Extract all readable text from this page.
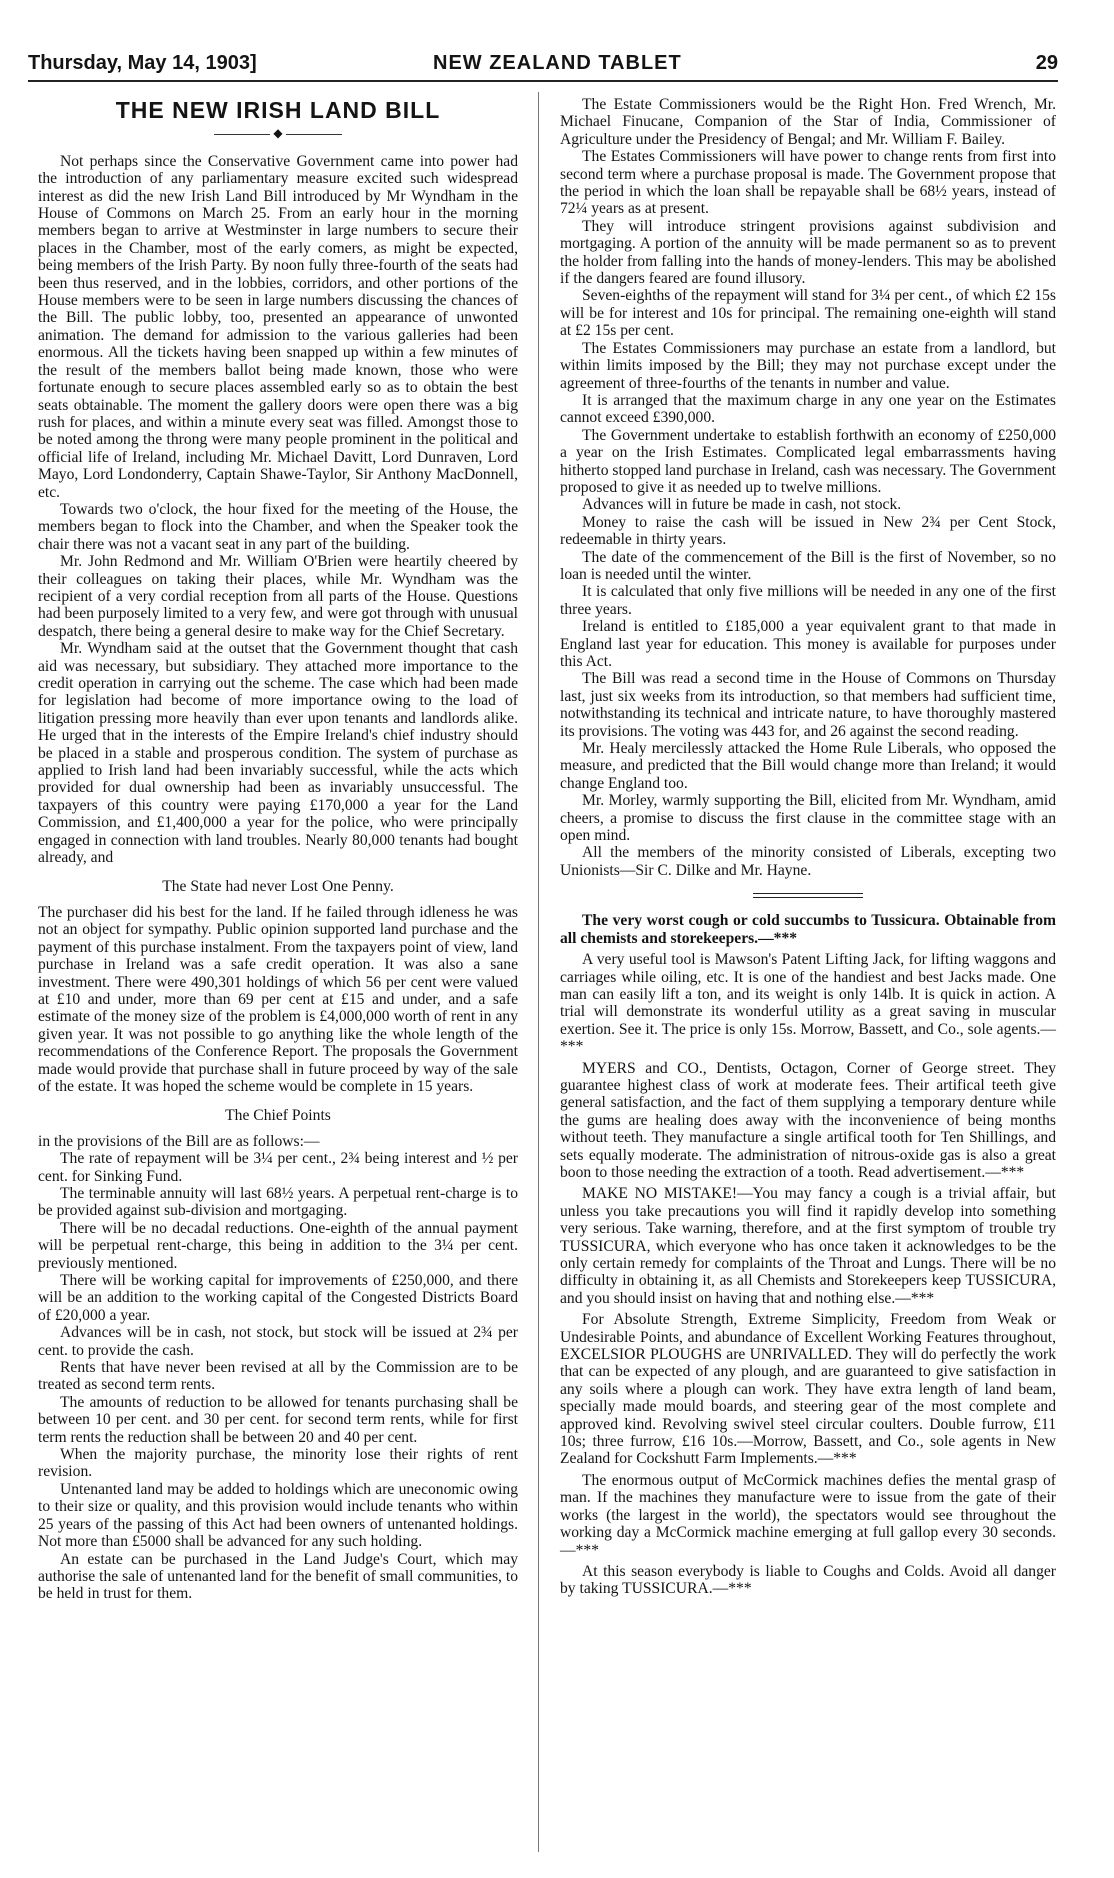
Thursday, May 14, 1903]	NEW ZEALAND TABLET	29
THE NEW IRISH LAND BILL
◆

Not perhaps since the Conservative Government came into power had the introduction of any parliamentary measure excited such widespread interest as did the new Irish Land Bill introduced by Mr Wyndham in the House of Commons on March 25. From an early hour in the morning members began to arrive at Westminster in large numbers to secure their places in the Chamber, most of the early comers, as might be expected, being members of the Irish Party. By noon fully three-fourth of the seats had been thus reserved, and in the lobbies, corridors, and other portions of the House members were to be seen in large numbers discussing the chances of the Bill. The public lobby, too, presented an appearance of unwonted animation. The demand for admission to the various galleries had been enormous. All the tickets having been snapped up within a few minutes of the result of the members ballot being made known, those who were fortunate enough to secure places assembled early so as to obtain the best seats obtainable. The moment the gallery doors were open there was a big rush for places, and within a minute every seat was filled. Amongst those to be noted among the throng were many people prominent in the political and official life of Ireland, including Mr. Michael Davitt, Lord Dunraven, Lord Mayo, Lord Londonderry, Captain Shawe-Taylor, Sir Anthony MacDonnell, etc.

Towards two o'clock, the hour fixed for the meeting of the House, the members began to flock into the Chamber, and when the Speaker took the chair there was not a vacant seat in any part of the building.

Mr. John Redmond and Mr. William O'Brien were heartily cheered by their colleagues on taking their places, while Mr. Wyndham was the recipient of a very cordial reception from all parts of the House. Questions had been purposely limited to a very few, and were got through with unusual despatch, there being a general desire to make way for the Chief Secretary.

Mr. Wyndham said at the outset that the Government thought that cash aid was necessary, but subsidiary. They attached more importance to the credit operation in carrying out the scheme. The case which had been made for legislation had become of more importance owing to the load of litigation pressing more heavily than ever upon tenants and landlords alike. He urged that in the interests of the Empire Ireland's chief industry should be placed in a stable and prosperous condition. The system of purchase as applied to Irish land had been invariably successful, while the acts which provided for dual ownership had been as invariably unsuccessful. The taxpayers of this country were paying £170,000 a year for the Land Commission, and £1,400,000 a year for the police, who were principally engaged in connection with land troubles. Nearly 80,000 tenants had bought already, and

The State had never Lost One Penny.

The purchaser did his best for the land. If he failed through idleness he was not an object for sympathy. Public opinion supported land purchase and the payment of this purchase instalment. From the taxpayers point of view, land purchase in Ireland was a safe credit operation. It was also a sane investment. There were 490,301 holdings of which 56 per cent were valued at £10 and under, more than 69 per cent at £15 and under, and a safe estimate of the money size of the problem is £4,000,000 worth of rent in any given year. It was not possible to go anything like the whole length of the recommendations of the Conference Report. The proposals the Government made would provide that purchase shall in future proceed by way of the sale of the estate. It was hoped the scheme would be complete in 15 years.

The Chief Points

in the provisions of the Bill are as follows:—

The rate of repayment will be 3¼ per cent., 2¾ being interest and ½ per cent. for Sinking Fund.

The terminable annuity will last 68½ years. A perpetual rent-charge is to be provided against sub-division and mortgaging.

There will be no decadal reductions. One-eighth of the annual payment will be perpetual rent-charge, this being in addition to the 3¼ per cent. previously mentioned.

There will be working capital for improvements of £250,000, and there will be an addition to the working capital of the Congested Districts Board of £20,000 a year.

Advances will be in cash, not stock, but stock will be issued at 2¾ per cent. to provide the cash.

Rents that have never been revised at all by the Commission are to be treated as second term rents.

The amounts of reduction to be allowed for tenants purchasing shall be between 10 per cent. and 30 per cent. for second term rents, while for first term rents the reduction shall be between 20 and 40 per cent.

When the majority purchase, the minority lose their rights of rent revision.

Untenanted land may be added to holdings which are uneconomic owing to their size or quality, and this provision would include tenants who within 25 years of the passing of this Act had been owners of untenanted holdings. Not more than £5000 shall be advanced for any such holding.

An estate can be purchased in the Land Judge's Court, which may authorise the sale of untenanted land for the benefit of small communities, to be held in trust for them.

The Estate Commissioners would be the Right Hon. Fred Wrench, Mr. Michael Finucane, Companion of the Star of India, Commissioner of Agriculture under the Presidency of Bengal; and Mr. William F. Bailey.

The Estates Commissioners will have power to change rents from first into second term where a purchase proposal is made. The Government propose that the period in which the loan shall be repayable shall be 68½ years, instead of 72¼ years as at present.

They will introduce stringent provisions against subdivision and mortgaging. A portion of the annuity will be made permanent so as to prevent the holder from falling into the hands of money-lenders. This may be abolished if the dangers feared are found illusory.

Seven-eighths of the repayment will stand for 3¼ per cent., of which £2 15s will be for interest and 10s for principal. The remaining one-eighth will stand at £2 15s per cent.

The Estates Commissioners may purchase an estate from a landlord, but within limits imposed by the Bill; they may not purchase except under the agreement of three-fourths of the tenants in number and value.

It is arranged that the maximum charge in any one year on the Estimates cannot exceed £390,000.

The Government undertake to establish forthwith an economy of £250,000 a year on the Irish Estimates. Complicated legal embarrassments having hitherto stopped land purchase in Ireland, cash was necessary. The Government proposed to give it as needed up to twelve millions.

Advances will in future be made in cash, not stock.

Money to raise the cash will be issued in New 2¾ per Cent Stock, redeemable in thirty years.

The date of the commencement of the Bill is the first of November, so no loan is needed until the winter.

It is calculated that only five millions will be needed in any one of the first three years.

Ireland is entitled to £185,000 a year equivalent grant to that made in England last year for education. This money is available for purposes under this Act.

The Bill was read a second time in the House of Commons on Thursday last, just six weeks from its introduction, so that members had sufficient time, notwithstanding its technical and intricate nature, to have thoroughly mastered its provisions. The voting was 443 for, and 26 against the second reading.

Mr. Healy mercilessly attacked the Home Rule Liberals, who opposed the measure, and predicted that the Bill would change more than Ireland; it would change England too.

Mr. Morley, warmly supporting the Bill, elicited from Mr. Wyndham, amid cheers, a promise to discuss the first clause in the committee stage with an open mind.

All the members of the minority consisted of Liberals, excepting two Unionists—Sir C. Dilke and Mr. Hayne.

The very worst cough or cold succumbs to Tussicura. Obtainable from all chemists and storekeepers.—***

A very useful tool is Mawson's Patent Lifting Jack, for lifting waggons and carriages while oiling, etc. It is one of the handiest and best Jacks made. One man can easily lift a ton, and its weight is only 14lb. It is quick in action. A trial will demonstrate its wonderful utility as a great saving in muscular exertion. See it. The price is only 15s. Morrow, Bassett, and Co., sole agents.—***

MYERS and CO., Dentists, Octagon, Corner of George street. They guarantee highest class of work at moderate fees. Their artifical teeth give general satisfaction, and the fact of them supplying a temporary denture while the gums are healing does away with the inconvenience of being months without teeth. They manufacture a single artifical tooth for Ten Shillings, and sets equally moderate. The administration of nitrous-oxide gas is also a great boon to those needing the extraction of a tooth. Read advertisement.—***

MAKE NO MISTAKE!—You may fancy a cough is a trivial affair, but unless you take precautions you will find it rapidly develop into something very serious. Take warning, therefore, and at the first symptom of trouble try TUSSICURA, which everyone who has once taken it acknowledges to be the only certain remedy for complaints of the Throat and Lungs. There will be no difficulty in obtaining it, as all Chemists and Storekeepers keep TUSSICURA, and you should insist on having that and nothing else.—***

For Absolute Strength, Extreme Simplicity, Freedom from Weak or Undesirable Points, and abundance of Excellent Working Features throughout, EXCELSIOR PLOUGHS are UNRIVALLED. They will do perfectly the work that can be expected of any plough, and are guaranteed to give satisfaction in any soils where a plough can work. They have extra length of land beam, specially made mould boards, and steering gear of the most complete and approved kind. Revolving swivel steel circular coulters. Double furrow, £11 10s; three furrow, £16 10s.—Morrow, Bassett, and Co., sole agents in New Zealand for Cockshutt Farm Implements.—***

The enormous output of McCormick machines defies the mental grasp of man. If the machines they manufacture were to issue from the gate of their works (the largest in the world), the spectators would see throughout the working day a McCormick machine emerging at full gallop every 30 seconds.—***

At this season everybody is liable to Coughs and Colds. Avoid all danger by taking TUSSICURA.—***
